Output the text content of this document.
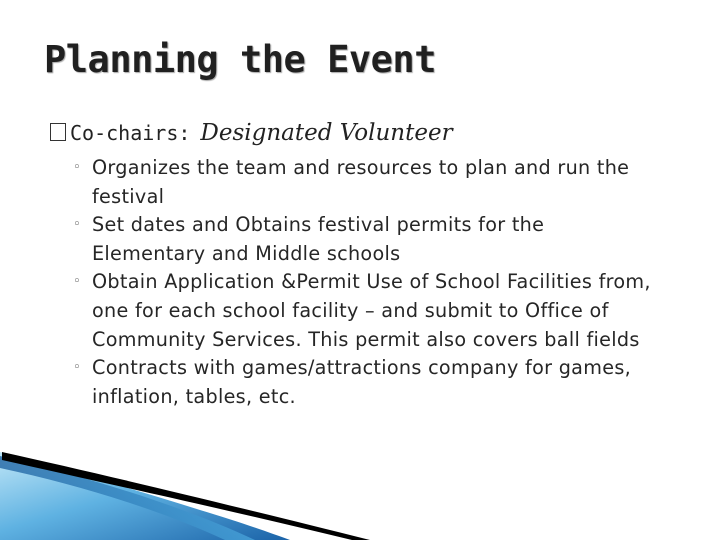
Planning the Event
Co-chairs: Designated Volunteer
◦ Organizes the team and resources to plan and run the festival
◦ Set dates and Obtains festival permits for the Elementary and Middle schools
◦ Obtain Application &Permit Use of School Facilities from, one for each school facility – and submit to Office of Community Services. This permit also covers ball fields
◦ Contracts with games/attractions company for games, inflation, tables, etc.
